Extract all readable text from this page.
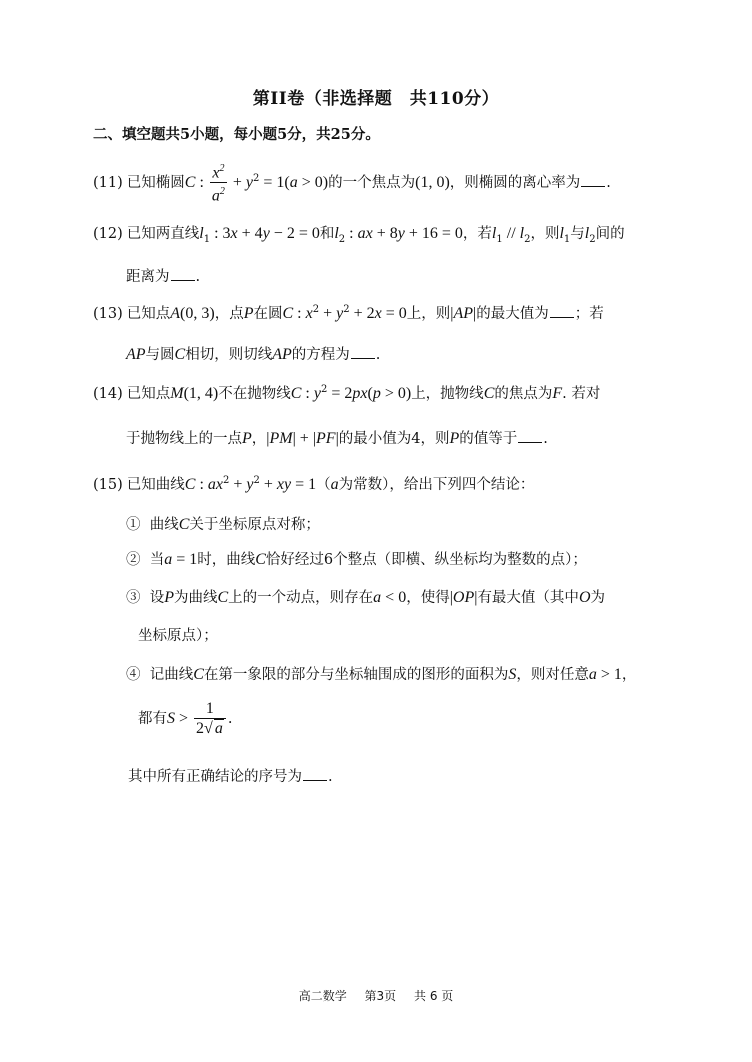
第II卷（非选择题　共110分）
二、填空题共5小题，每小题5分，共25分。
(11) 已知椭圆C : $\frac{x^2}{a^2} + y^2 = 1(a > 0)$的一个焦点为(1, 0)，则椭圆的离心率为 .
(12) 已知两直线$l_1$ : 3x + 4y − 2 = 0和$l_2$ : ax + 8y + 16 = 0，若$l_1 // l_2$，则$l_1$与$l_2$间的
距离为 .
(13) 已知点A(0, 3)，点P在圆C : $x^2 + y^2 + 2x = 0$上，则|AP|的最大值为 ；若
AP与圆C相切，则切线AP的方程为 .
(14) 已知点M(1, 4)不在抛物线C : $y^2 = 2px(p > 0)$上，抛物线C的焦点为F. 若对
于抛物线上的一点P，|PM| + |PF|的最小值为4，则P的值等于 .
(15) 已知曲线C : $ax^2 + y^2$ + xy = 1（a为常数），给出下列四个结论：
① 曲线C关于坐标原点对称；
② 当a = 1时，曲线C恰好经过6个整点（即横、纵坐标均为整数的点）；
③ 设P为曲线C上的一个动点，则存在a < 0，使得|OP|有最大值（其中O为
坐标原点）；
④ 记曲线C在第一象限的部分与坐标轴围成的图形的面积为S，则对任意a > 1，
都有$S > \frac{1}{2√ a}$ .
其中所有正确结论的序号为 .
高二数学 第3页 共 6 页
